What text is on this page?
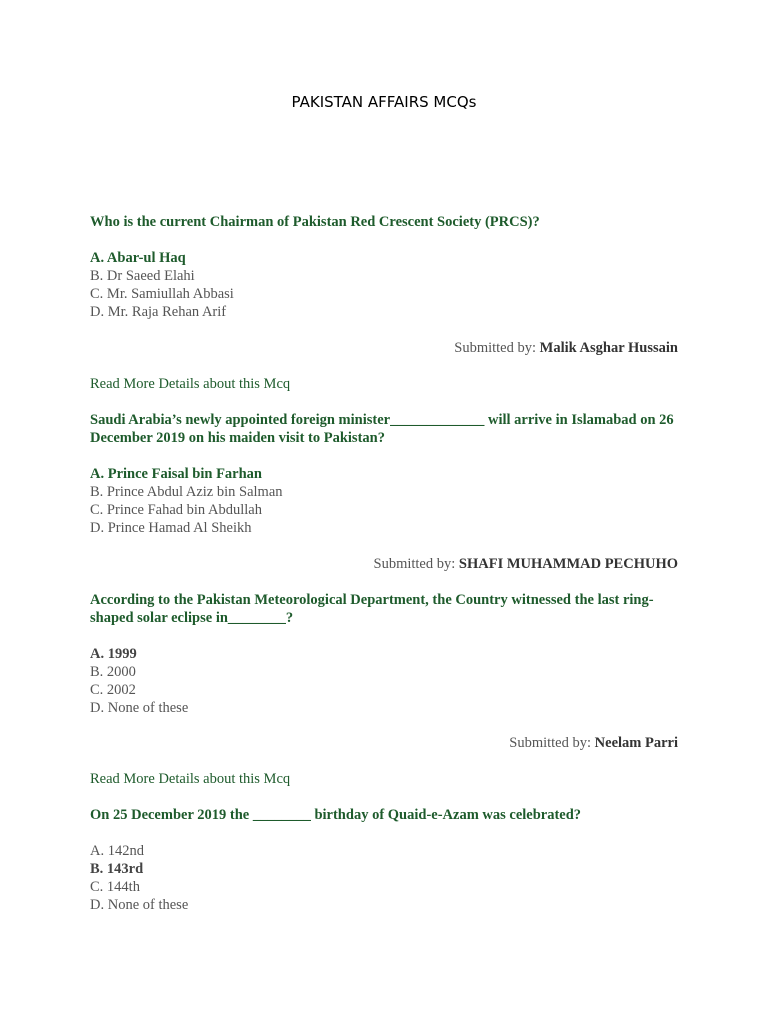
PAKISTAN AFFAIRS MCQs
Who is the current Chairman of Pakistan Red Crescent Society (PRCS)?
A. Abar-ul Haq
B. Dr Saeed Elahi
C. Mr. Samiullah Abbasi
D. Mr. Raja Rehan Arif
Submitted by: Malik Asghar Hussain
Read More Details about this Mcq
Saudi Arabia’s newly appointed foreign minister_____________ will arrive in Islamabad on 26 December 2019 on his maiden visit to Pakistan?
A. Prince Faisal bin Farhan
B. Prince Abdul Aziz bin Salman
C. Prince Fahad bin Abdullah
D. Prince Hamad Al Sheikh
Submitted by: SHAFI MUHAMMAD PECHUHO
According to the Pakistan Meteorological Department, the Country witnessed the last ring-shaped solar eclipse in________?
A. 1999
B. 2000
C. 2002
D. None of these
Submitted by: Neelam Parri
Read More Details about this Mcq
On 25 December 2019 the ________ birthday of Quaid-e-Azam was celebrated?
A. 142nd
B. 143rd
C. 144th
D. None of these
